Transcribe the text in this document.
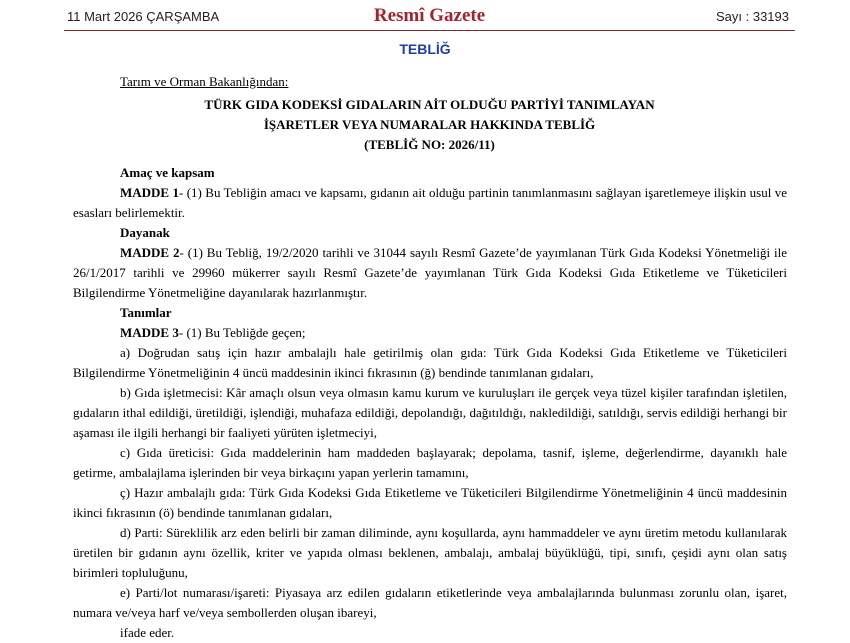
11 Mart 2026 ÇARŞAMBA	Resmî Gazete	Sayı : 33193
TEBLİĞ
Tarım ve Orman Bakanlığından:
TÜRK GIDA KODEKSİ GIDALARIN AİT OLDUĞU PARTİYİ TANIMLAYAN
İŞARETLER VEYA NUMARALAR HAKKINDA TEBLİĞ
(TEBLİĞ NO: 2026/11)
Amaç ve kapsam

MADDE 1- (1) Bu Tebliğin amacı ve kapsamı, gıdanın ait olduğu partinin tanımlanmasını sağlayan işaretlemeye ilişkin usul ve esasları belirlemektir.

Dayanak

MADDE 2- (1) Bu Tebliğ, 19/2/2020 tarihli ve 31044 sayılı Resmî Gazete’de yayımlanan Türk Gıda Kodeksi Yönetmeliği ile 26/1/2017 tarihli ve 29960 mükerrer sayılı Resmî Gazete’de yayımlanan Türk Gıda Kodeksi Gıda Etiketleme ve Tüketicileri Bilgilendirme Yönetmeliğine dayanılarak hazırlanmıştır.

Tanımlar

MADDE 3- (1) Bu Tebliğde geçen;

a) Doğrudan satış için hazır ambalajlı hale getirilmiş olan gıda: Türk Gıda Kodeksi Gıda Etiketleme ve Tüketicileri Bilgilendirme Yönetmeliğinin 4 üncü maddesinin ikinci fıkrasının (ğ) bendinde tanımlanan gıdaları,

b) Gıda işletmecisi: Kâr amaçlı olsun veya olmasın kamu kurum ve kuruluşları ile gerçek veya tüzel kişiler tarafından işletilen, gıdaların ithal edildiği, üretildiği, işlendiği, muhafaza edildiği, depolandığı, dağıtıldığı, nakledildiği, satıldığı, servis edildiği herhangi bir aşaması ile ilgili herhangi bir faaliyeti yürüten işletmeciyi,

c) Gıda üreticisi: Gıda maddelerinin ham maddeden başlayarak; depolama, tasnif, işleme, değerlendirme, dayanıklı hale getirme, ambalajlama işlerinden bir veya birkaçını yapan yerlerin tamamını,

ç) Hazır ambalajlı gıda: Türk Gıda Kodeksi Gıda Etiketleme ve Tüketicileri Bilgilendirme Yönetmeliğinin 4 üncü maddesinin ikinci fıkrasının (ö) bendinde tanımlanan gıdaları,

d) Parti: Süreklilik arz eden belirli bir zaman diliminde, aynı koşullarda, aynı hammaddeler ve aynı üretim metodu kullanılarak üretilen bir gıdanın aynı özellik, kriter ve yapıda olması beklenen, ambalajı, ambalaj büyüklüğü, tipi, sınıfı, çeşidi aynı olan satış birimleri topluluğunu,

e) Parti/lot numarası/işareti: Piyasaya arz edilen gıdaların etiketlerinde veya ambalajlarında bulunması zorunlu olan, işaret, numara ve/veya harf ve/veya sembollerden oluşan ibareyi,

ifade eder.
